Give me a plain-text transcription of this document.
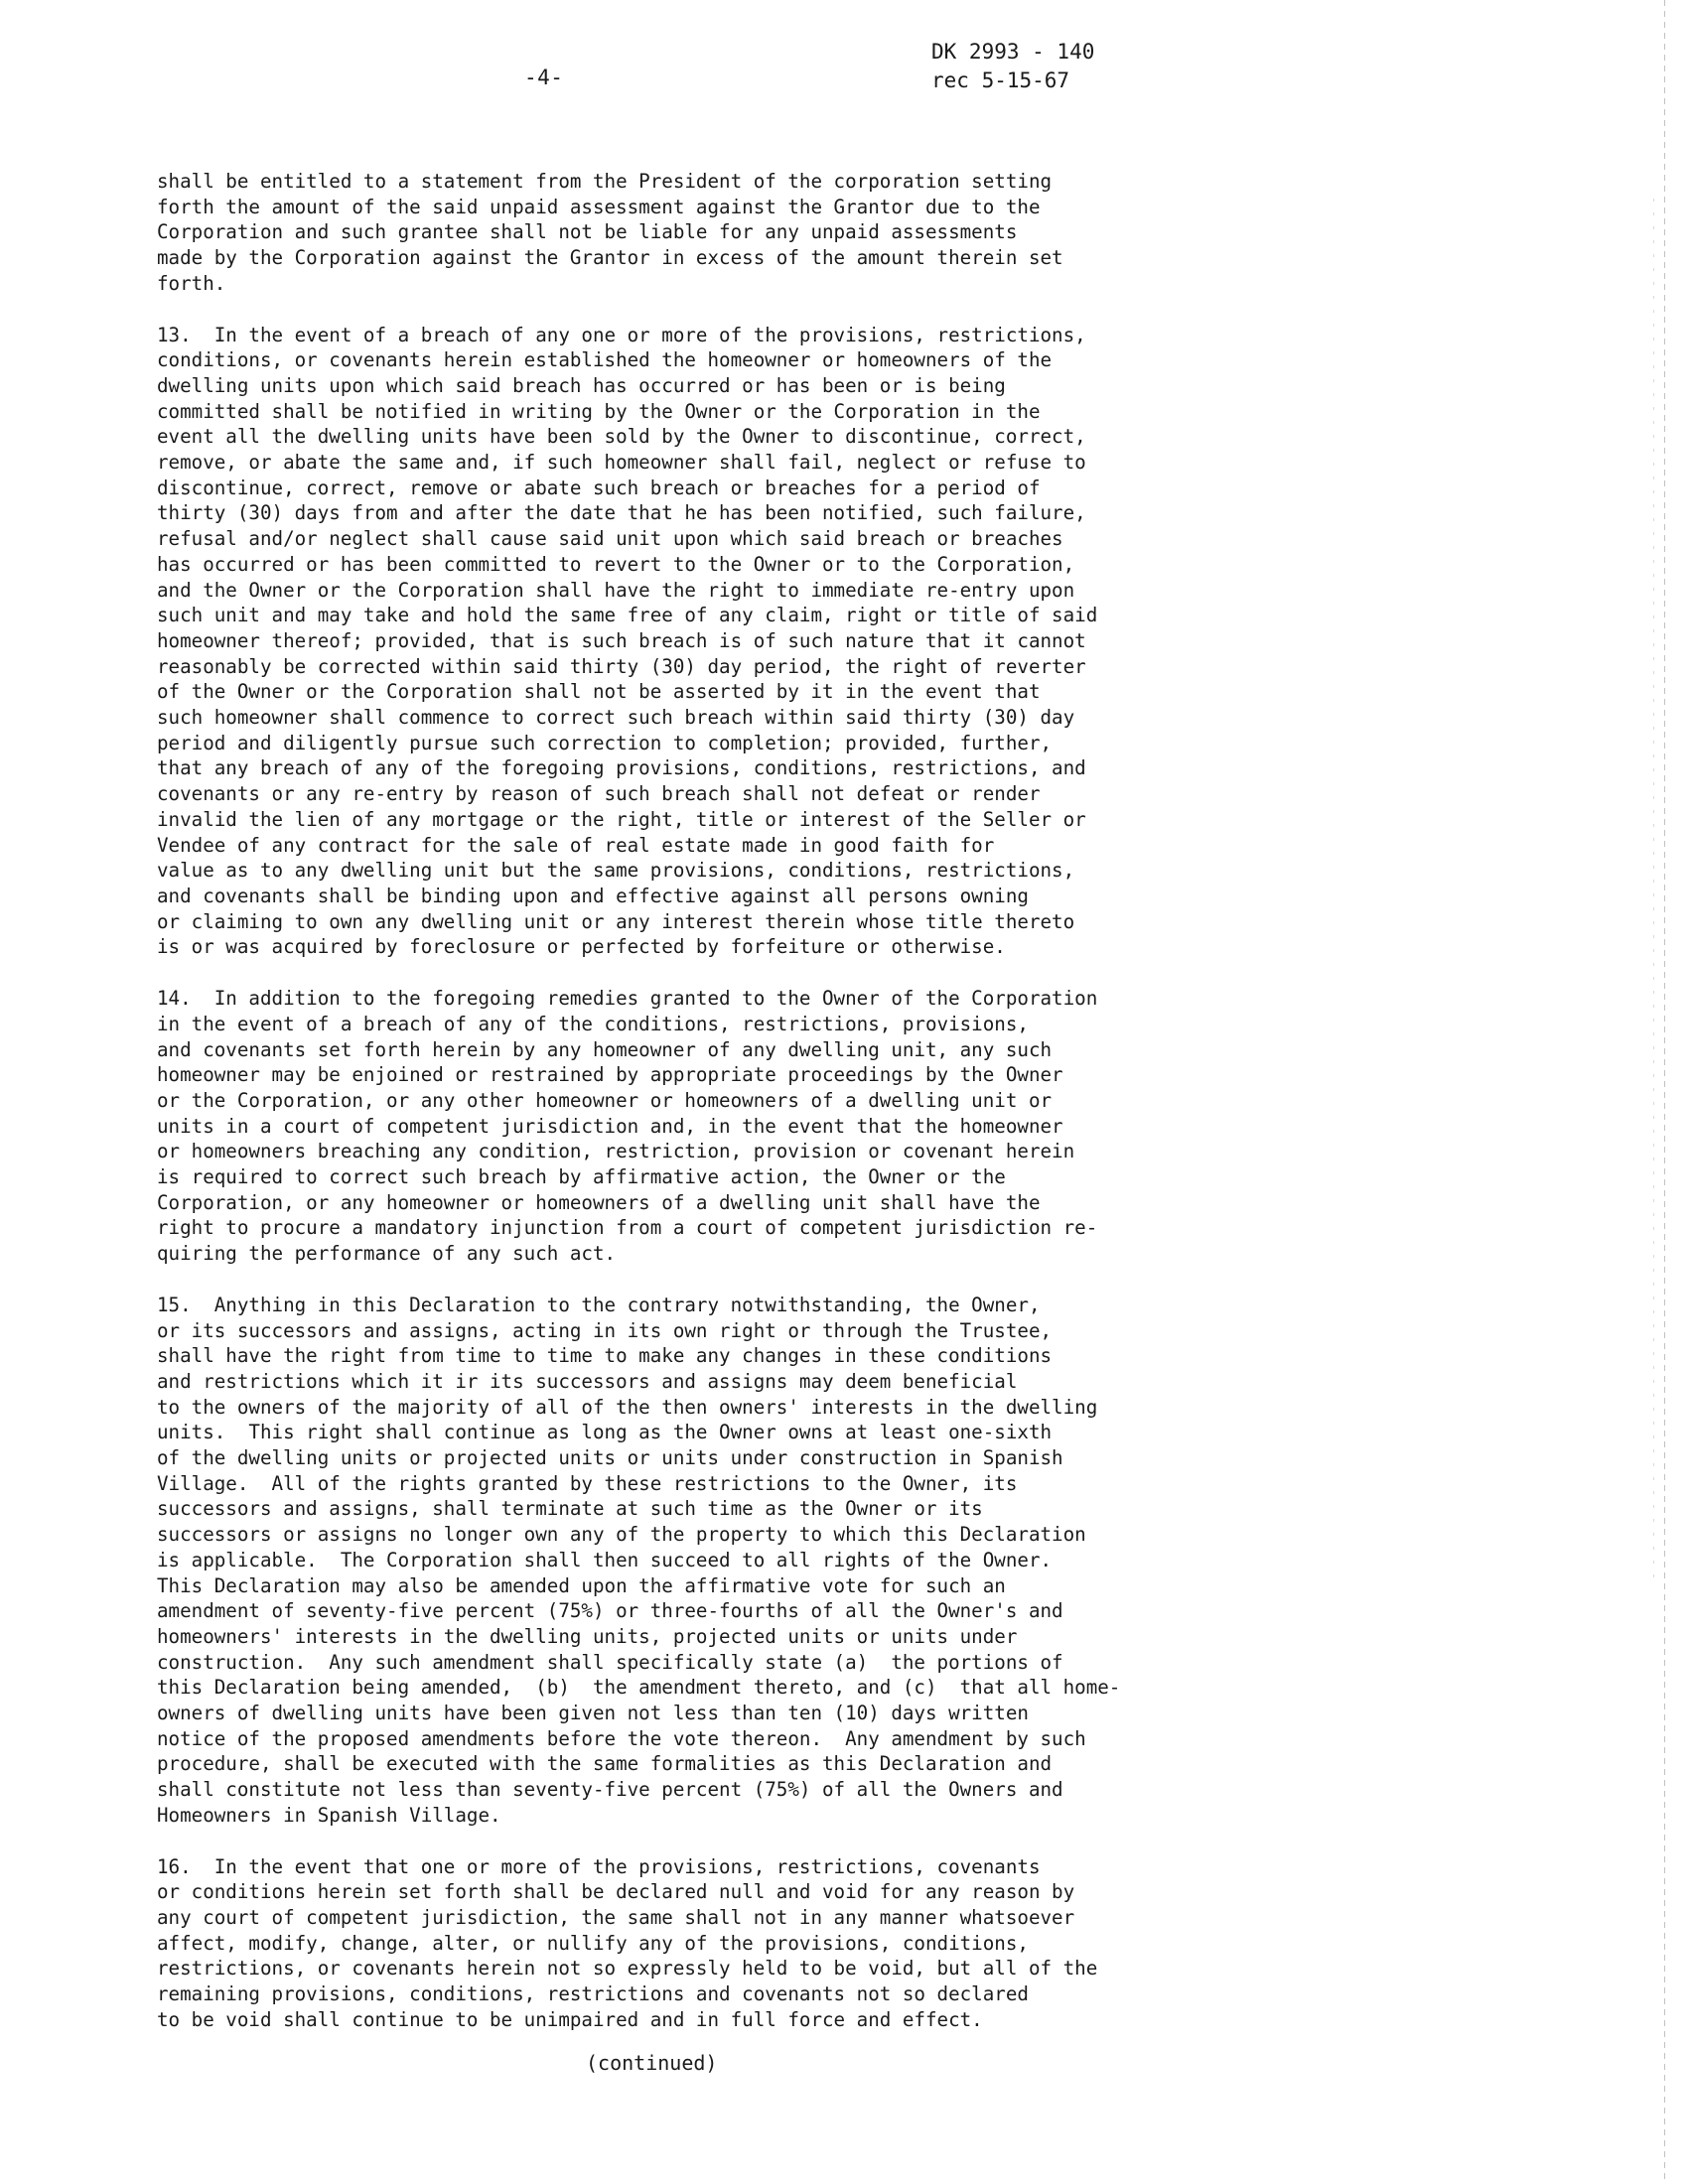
-4-
DK 2993 - 140
rec 5-15-67
shall be entitled to a statement from the President of the corporation setting
forth the amount of the said unpaid assessment against the Grantor due to the
Corporation and such grantee shall not be liable for any unpaid assessments
made by the Corporation against the Grantor in excess of the amount therein set
forth.
13.  In the event of a breach of any one or more of the provisions, restrictions,
conditions, or covenants herein established the homeowner or homeowners of the
dwelling units upon which said breach has occurred or has been or is being
committed shall be notified in writing by the Owner or the Corporation in the
event all the dwelling units have been sold by the Owner to discontinue, correct,
remove, or abate the same and, if such homeowner shall fail, neglect or refuse to
discontinue, correct, remove or abate such breach or breaches for a period of
thirty (30) days from and after the date that he has been notified, such failure,
refusal and/or neglect shall cause said unit upon which said breach or breaches
has occurred or has been committed to revert to the Owner or to the Corporation,
and the Owner or the Corporation shall have the right to immediate re-entry upon
such unit and may take and hold the same free of any claim, right or title of said
homeowner thereof; provided, that is such breach is of such nature that it cannot
reasonably be corrected within said thirty (30) day period, the right of reverter
of the Owner or the Corporation shall not be asserted by it in the event that
such homeowner shall commence to correct such breach within said thirty (30) day
period and diligently pursue such correction to completion; provided, further,
that any breach of any of the foregoing provisions, conditions, restrictions, and
covenants or any re-entry by reason of such breach shall not defeat or render
invalid the lien of any mortgage or the right, title or interest of the Seller or
Vendee of any contract for the sale of real estate made in good faith for
value as to any dwelling unit but the same provisions, conditions, restrictions,
and covenants shall be binding upon and effective against all persons owning
or claiming to own any dwelling unit or any interest therein whose title thereto
is or was acquired by foreclosure or perfected by forfeiture or otherwise.
14.  In addition to the foregoing remedies granted to the Owner of the Corporation
in the event of a breach of any of the conditions, restrictions, provisions,
and covenants set forth herein by any homeowner of any dwelling unit, any such
homeowner may be enjoined or restrained by appropriate proceedings by the Owner
or the Corporation, or any other homeowner or homeowners of a dwelling unit or
units in a court of competent jurisdiction and, in the event that the homeowner
or homeowners breaching any condition, restriction, provision or covenant herein
is required to correct such breach by affirmative action, the Owner or the
Corporation, or any homeowner or homeowners of a dwelling unit shall have the
right to procure a mandatory injunction from a court of competent jurisdiction re-
quiring the performance of any such act.
15.  Anything in this Declaration to the contrary notwithstanding, the Owner,
or its successors and assigns, acting in its own right or through the Trustee,
shall have the right from time to time to make any changes in these conditions
and restrictions which it ir its successors and assigns may deem beneficial
to the owners of the majority of all of the then owners' interests in the dwelling
units.  This right shall continue as long as the Owner owns at least one-sixth
of the dwelling units or projected units or units under construction in Spanish
Village.  All of the rights granted by these restrictions to the Owner, its
successors and assigns, shall terminate at such time as the Owner or its
successors or assigns no longer own any of the property to which this Declaration
is applicable.  The Corporation shall then succeed to all rights of the Owner.
This Declaration may also be amended upon the affirmative vote for such an
amendment of seventy-five percent (75%) or three-fourths of all the Owner's and
homeowners' interests in the dwelling units, projected units or units under
construction.  Any such amendment shall specifically state (a)  the portions of
this Declaration being amended,  (b)  the amendment thereto, and (c)  that all home-
owners of dwelling units have been given not less than ten (10) days written
notice of the proposed amendments before the vote thereon.  Any amendment by such
procedure, shall be executed with the same formalities as this Declaration and
shall constitute not less than seventy-five percent (75%) of all the Owners and
Homeowners in Spanish Village.
16.  In the event that one or more of the provisions, restrictions, covenants
or conditions herein set forth shall be declared null and void for any reason by
any court of competent jurisdiction, the same shall not in any manner whatsoever
affect, modify, change, alter, or nullify any of the provisions, conditions,
restrictions, or covenants herein not so expressly held to be void, but all of the
remaining provisions, conditions, restrictions and covenants not so declared
to be void shall continue to be unimpaired and in full force and effect.
(continued)
